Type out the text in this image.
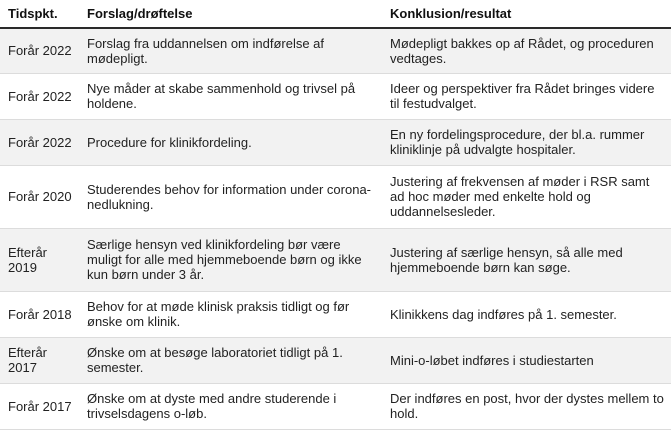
Tidspkt.	Forslag/drøftelse	Konklusion/resultat
Forår 2022	Forslag fra uddannelsen om indførelse af mødepligt.	Mødepligt bakkes op af Rådet, og proceduren vedtages.
Forår 2022	Nye måder at skabe sammenhold og trivsel på holdene.	Ideer og perspektiver fra Rådet bringes videre til festudvalget.
Forår 2022	Procedure for klinikfordeling.	En ny fordelingsprocedure, der bl.a. rummer kliniklinje på udvalgte hospitaler.
Forår 2020	Studerendes behov for information under corona-nedlukning.	Justering af frekvensen af møder i RSR samt ad hoc møder med enkelte hold og uddannelsesleder.
Efterår 2019	Særlige hensyn ved klinikfordeling bør være muligt for alle med hjemmeboende børn og ikke kun børn under 3 år.	Justering af særlige hensyn, så alle med hjemmeboende børn kan søge.
Forår 2018	Behov for at møde klinisk praksis tidligt og før ønske om klinik.	Klinikkens dag indføres på 1. semester.
Efterår 2017	Ønske om at besøge laboratoriet tidligt på 1. semester.	Mini-o-løbet indføres i studiestarten
Forår 2017	Ønske om at dyste med andre studerende i trivselsdagens o-løb.	Der indføres en post, hvor der dystes mellem to hold.
